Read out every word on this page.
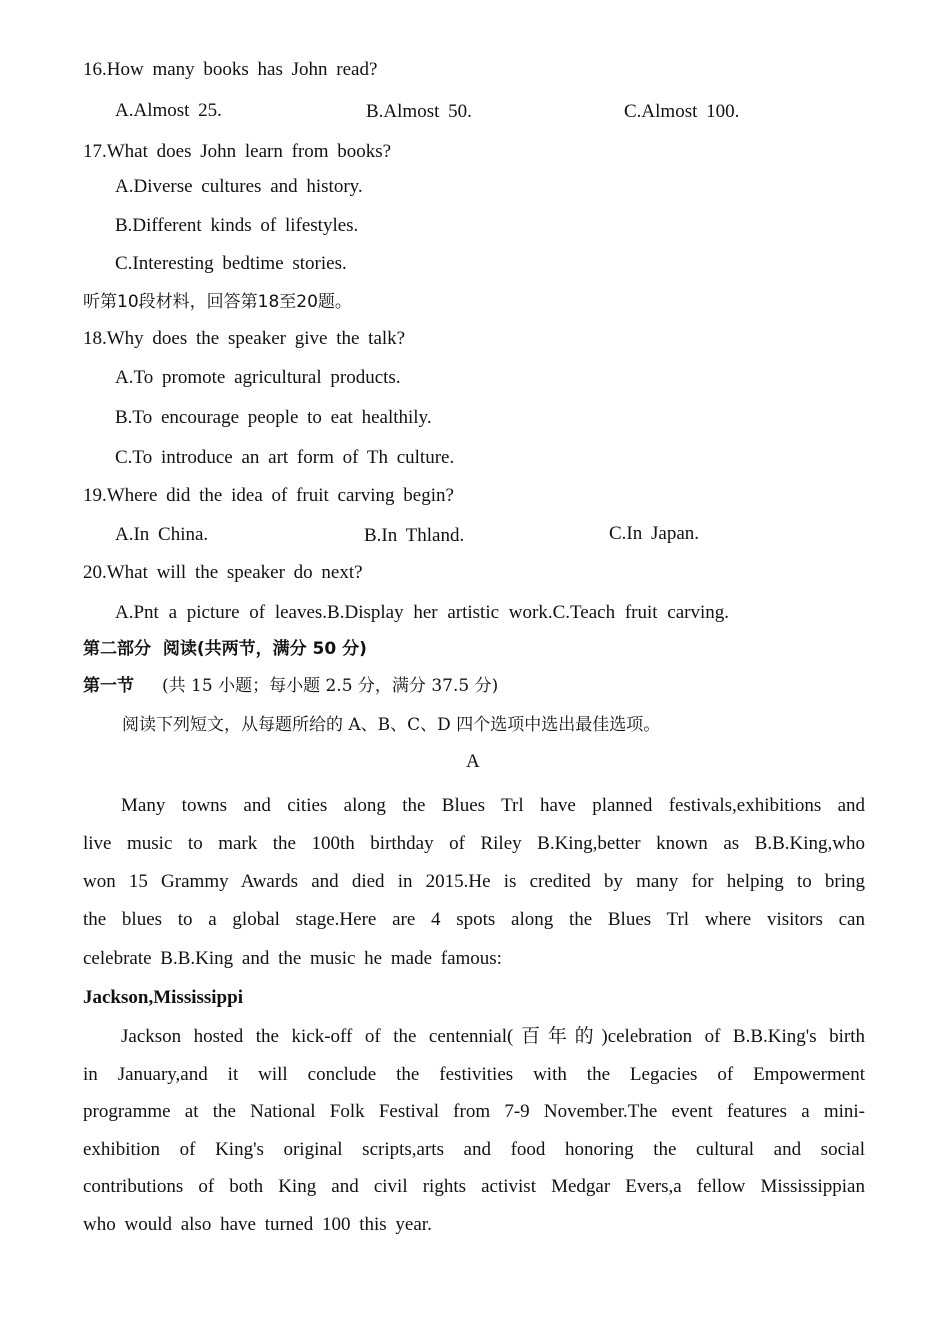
16.How many books has John read?
A.Almost 25.	B.Almost 50.	C.Almost 100.
17.What does John learn from books?
A.Diverse cultures and history.
B.Different kinds of lifestyles.
C.Interesting bedtime stories.
听第10段材料，回答第18至20题。
18.Why does the speaker give the talk?
A.To promote agricultural products.
B.To encourage people to eat healthily.
C.To introduce an art form of Th culture.
19.Where did the idea of fruit carving begin?
A.In China.	B.In Thland.	C.In Japan.
20.What will the speaker do next?
A.Pnt a picture of leaves.B.Display her artistic work.C.Teach fruit carving.
第二部分  阅读(共两节，满分 50 分)
第一节 (共 15 小题；每小题 2.5 分，满分 37.5 分)
阅读下列短文，从每题所给的 A、B、C、D 四个选项中选出最佳选项。
A
Many towns and cities along the Blues Trl have planned festivals,exhibitions and
live music to mark the 100th birthday of Riley B.King,better known as B.B.King,who
won 15 Grammy Awards and died in 2015.He is credited by many for helping to bring
the blues to a global stage.Here are 4 spots along the Blues Trl where visitors can
celebrate B.B.King and the music he made famous:
Jackson,Mississippi
Jackson hosted the kick-off of the centennial(百年的)celebration of B.B.King's birth
in January,and it will conclude the festivities with the Legacies of Empowerment
programme at the National Folk Festival from 7-9 November.The event features a mini-
exhibition of King's original scripts,arts and food honoring the cultural and social
contributions of both King and civil rights activist Medgar Evers,a fellow Mississippian
who would also have turned 100 this year.
